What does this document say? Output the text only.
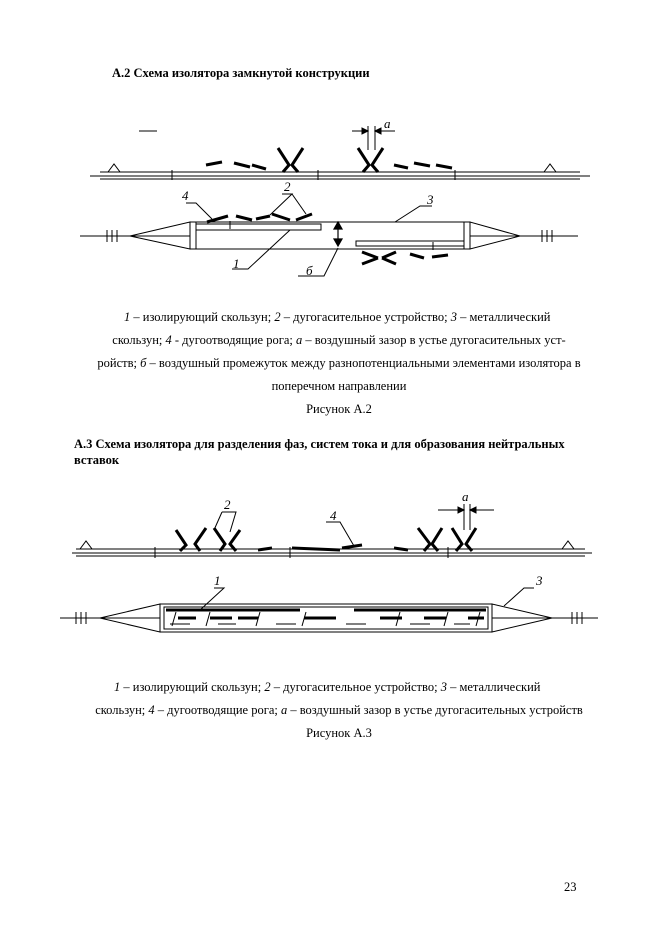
А.2 Схема изолятора замкнутой конструкции
а
4
2
3
1	б
1 – изолирующий скользун; 2 – дугогасительное устройство; 3 – металлический
скользун; 4 - дугоотводящие рога; а – воздушный зазор в устье дугогасительных уст-
ройств; б – воздушный промежуток между разнопотенциальными элементами изолятора в
поперечном направлении
Рисунок А.2
А.3 Схема изолятора для разделения фаз, систем тока и для образования нейтральных
вставок
а
2
4
1	3
1 – изолирующий скользун; 2 – дугогасительное устройство; 3 – металлический
скользун; 4 – дугоотводящие рога; а – воздушный зазор в устье дугогасительных устройств
Рисунок А.3
23
